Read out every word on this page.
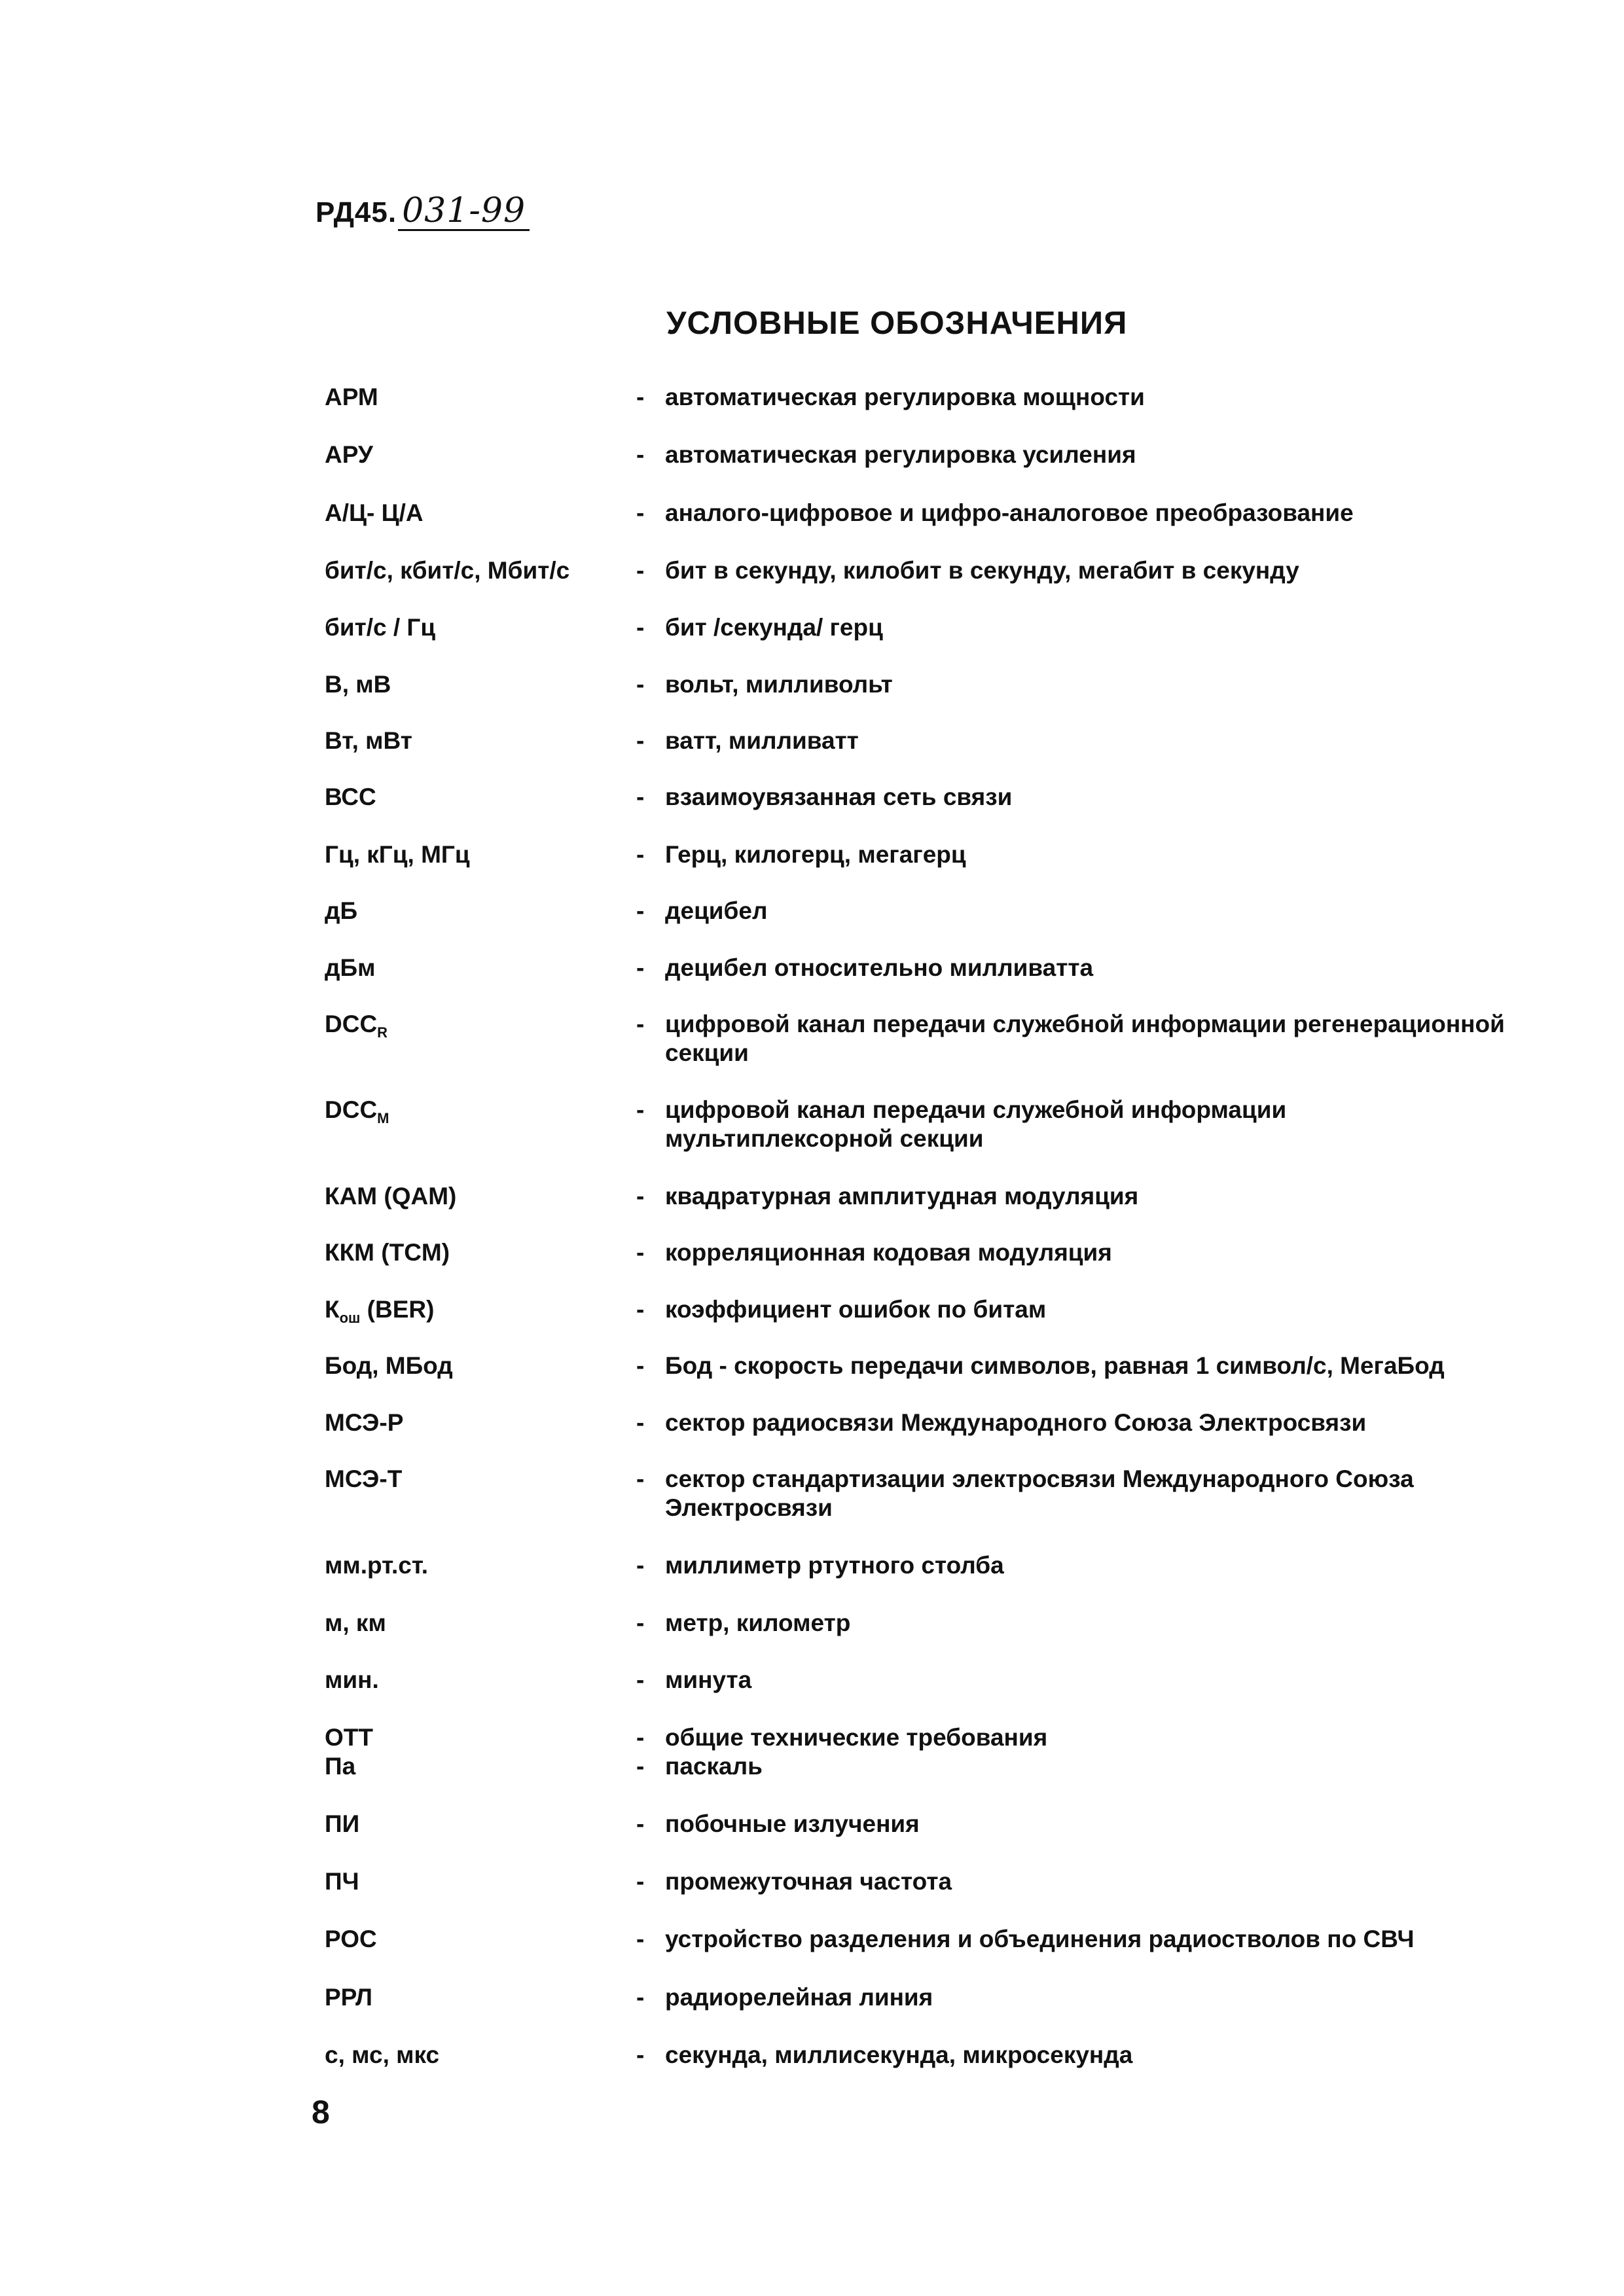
РД45. 031-99
УСЛОВНЫЕ ОБОЗНАЧЕНИЯ
АРМ	- автоматическая регулировка мощности
АРУ	- автоматическая регулировка усиления
А/Ц- Ц/А	- аналого-цифровое и цифро-аналоговое преобразование
бит/с, кбит/с, Мбит/с	- бит в секунду, килобит в секунду, мегабит в секунду
бит/с / Гц	- бит /секунда/ герц
В, мВ	- вольт, милливольт
Вт, мВт	- ватт, милливатт
ВСС	- взаимоувязанная сеть связи
Гц, кГц, МГц	- Герц, килогерц, мегагерц
дБ	- децибел
дБм	- децибел относительно милливатта
$DCC_R$	- цифровой канал передачи служебной информации регенерационной секции
$DCC_M$	- цифровой канал передачи служебной информации мультиплексорной секции
КАМ (QAM)	- квадратурная амплитудная модуляция
ККМ (TCM)	- корреляционная кодовая модуляция
$К_{ош}$ (BER)	- коэффициент ошибок по битам
Бод, МБод	- Бод - скорость передачи символов, равная 1 символ/с, МегаБод
МСЭ-Р	- сектор радиосвязи Международного Союза Электросвязи
МСЭ-Т	- сектор стандартизации электросвязи Международного Союза Электросвязи
мм.рт.ст.	- миллиметр ртутного столба
м, км	- метр, километр
мин.	- минута
ОТТ	- общие технические требования
Па	- паскаль
ПИ	- побочные излучения
ПЧ	- промежуточная частота
РОС	- устройство разделения и объединения радиостволов по СВЧ
РРЛ	- радиорелейная линия
с, мс, мкс	- секунда, миллисекунда, микросекунда
8
